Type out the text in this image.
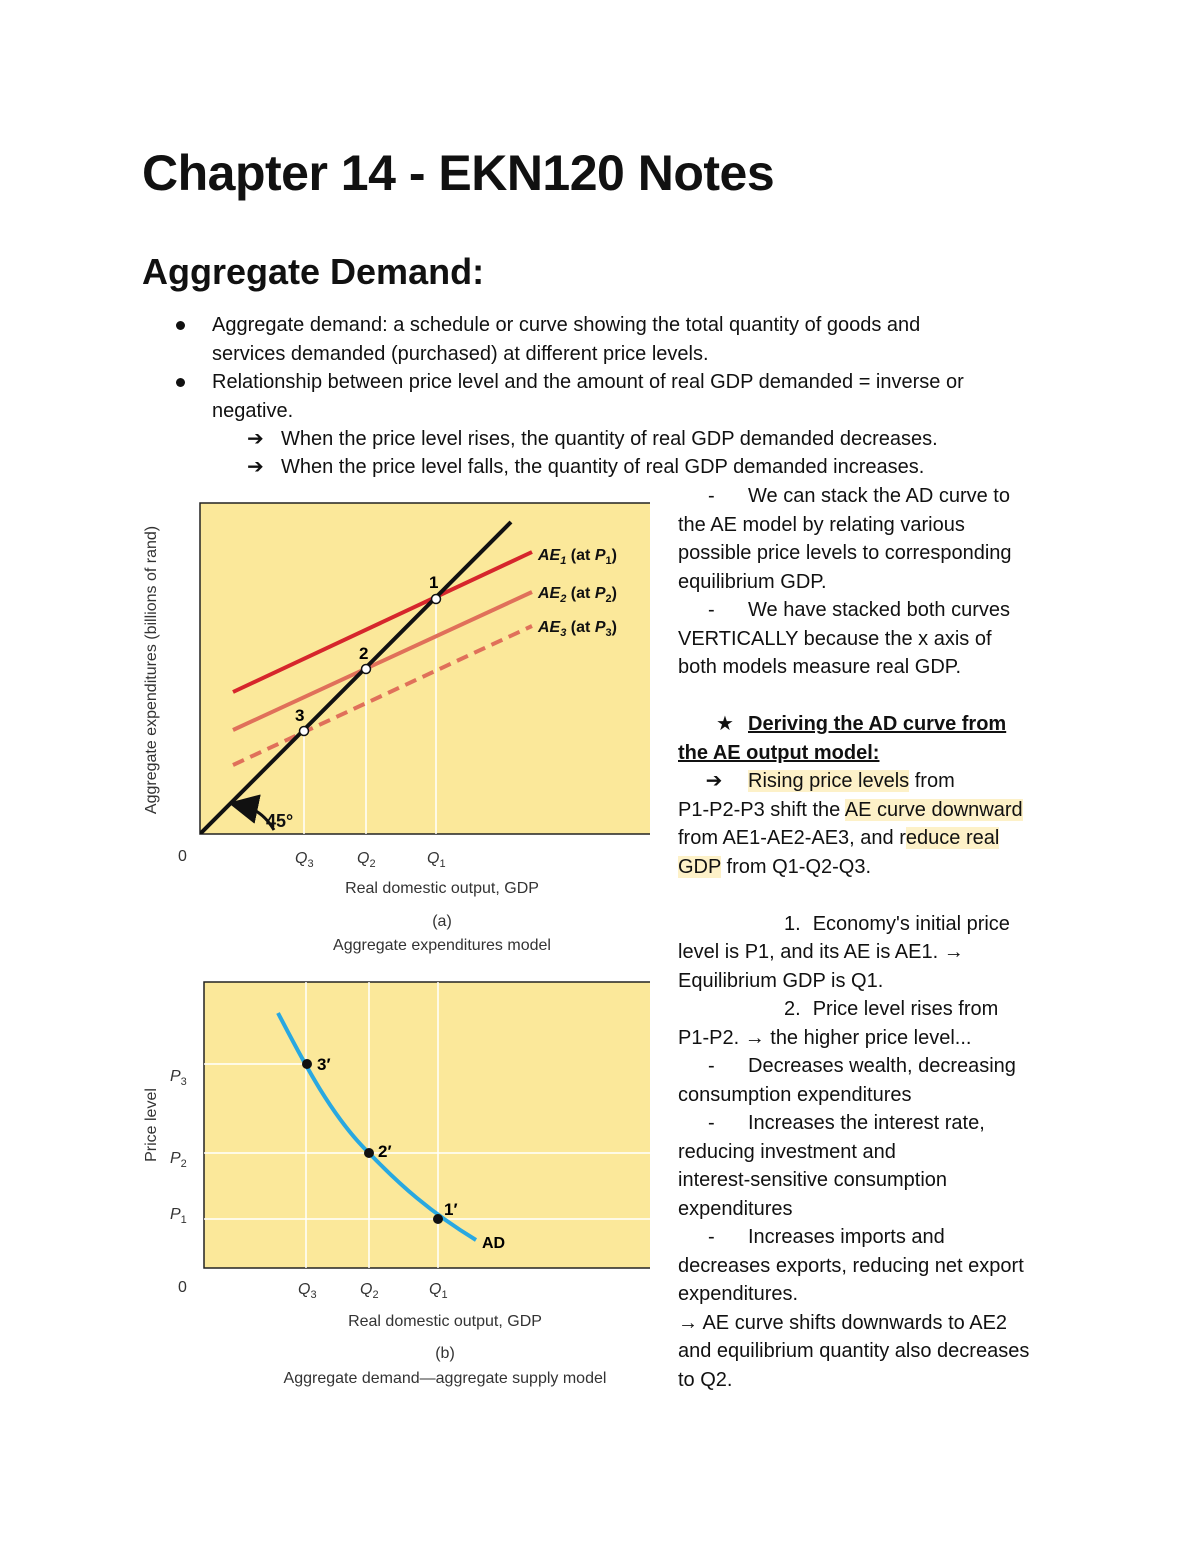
Chapter 14 - EKN120 Notes
Aggregate Demand:
Aggregate demand: a schedule or curve showing the total quantity of goods and
services demanded (purchased) at different price levels.
Relationship between price level and the amount of real GDP demanded = inverse or
negative.
➔ When the price level rises, the quantity of real GDP demanded decreases.
➔ When the price level falls, the quantity of real GDP demanded increases.
45°
1
2
3
$AE_1$ (at $P_1$)
$AE_2$ (at $P_2$)
$AE_3$ (at $P_3$)
Aggregate expenditures (billions of rand)
0	$Q_3$	$Q_2$	$Q_1$
Real domestic output, GDP
(a)
Aggregate expenditures model
3′
2′
1′
AD
Price level
$P_3$
$P_2$
$P_1$
0	$Q_3$	$Q_2$	$Q_1$
Real domestic output, GDP
(b)
Aggregate demand—aggregate supply model

- We can stack the AD curve to

the AE model by relating various

possible price levels to corresponding

equilibrium GDP.

- We have stacked both curves

VERTICALLY because the x axis of

both models measure real GDP.

★ Deriving the AD curve from

the AE output model:

➔ Rising price levels from

P1-P2-P3 shift the AE curve downward

from AE1-AE2-AE3, and reduce real

GDP from Q1-Q2-Q3.

1. Economy's initial price

level is P1, and its AE is AE1. →

Equilibrium GDP is Q1.

2. Price level rises from

P1-P2. → the higher price level...

- Decreases wealth, decreasing

consumption expenditures

- Increases the interest rate,

reducing investment and

interest-sensitive consumption

expenditures

- Increases imports and

decreases exports, reducing net export

expenditures.

→ AE curve shifts downwards to AE2

and equilibrium quantity also decreases

to Q2.
